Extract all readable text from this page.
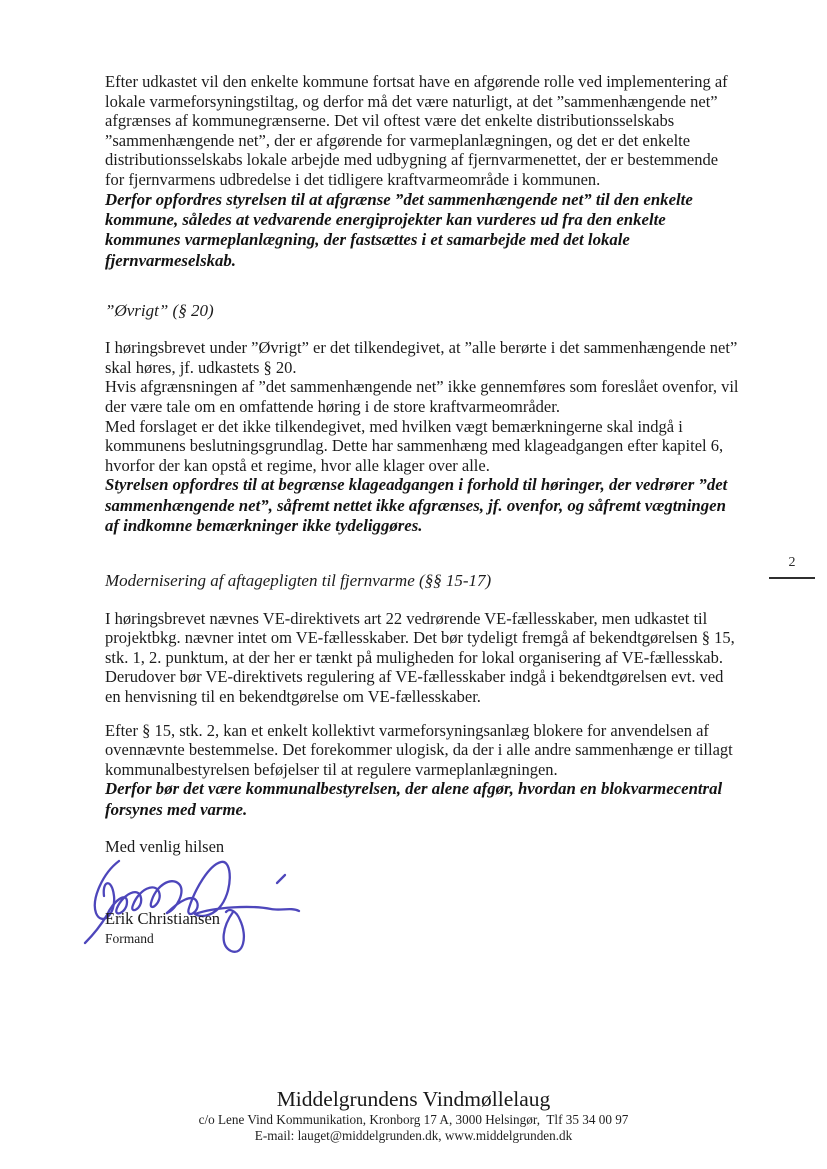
Efter udkastet vil den enkelte kommune fortsat have en afgørende rolle ved implementering af lokale varmeforsyningstiltag, og derfor må det være naturligt, at det ”sammenhængende net” afgrænses af kommunegrænserne. Det vil oftest være det enkelte distributionsselskabs ”sammenhængende net”, der er afgørende for varmeplanlægningen, og det er det enkelte distributionsselskabs lokale arbejde med udbygning af fjernvarmenettet, der er bestemmende for fjernvarmens udbredelse i det tidligere kraftvarmeområde i kommunen.

Derfor opfordres styrelsen til at afgrænse ”det sammenhængende net” til den enkelte kommune, således at vedvarende energiprojekter kan vurderes ud fra den enkelte kommunes varmeplanlægning, der fastsættes i et samarbejde med det lokale fjernvarmeselskab.

”Øvrigt” (§ 20)

I høringsbrevet under ”Øvrigt” er det tilkendegivet, at ”alle berørte i det sammenhængende net” skal høres, jf. udkastets § 20.

Hvis afgrænsningen af ”det sammenhængende net” ikke gennemføres som foreslået ovenfor, vil der være tale om en omfattende høring i de store kraftvarmeområder.

Med forslaget er det ikke tilkendegivet, med hvilken vægt bemærkningerne skal indgå i kommunens beslutningsgrundlag. Dette har sammenhæng med klageadgangen efter kapitel 6, hvorfor der kan opstå et regime, hvor alle klager over alle.

Styrelsen opfordres til at begrænse klageadgangen i forhold til høringer, der vedrører ”det sammenhængende net”, såfremt nettet ikke afgrænses, jf. ovenfor, og såfremt vægtningen af indkomne bemærkninger ikke tydeliggøres.

Modernisering af aftagepligten til fjernvarme (§§ 15-17)

I høringsbrevet nævnes VE-direktivets art 22 vedrørende VE-fællesskaber, men udkastet til projektbkg. nævner intet om VE-fællesskaber. Det bør tydeligt fremgå af bekendtgørelsen § 15, stk. 1, 2. punktum, at der her er tænkt på muligheden for lokal organisering af VE-fællesskab. Derudover bør VE-direktivets regulering af VE-fællesskaber indgå i bekendtgørelsen evt. ved en henvisning til en bekendtgørelse om VE-fællesskaber.

Efter § 15, stk. 2, kan et enkelt kollektivt varmeforsyningsanlæg blokere for anvendelsen af ovennævnte bestemmelse. Det forekommer ulogisk, da der i alle andre sammenhænge er tillagt kommunalbestyrelsen beføjelser til at regulere varmeplanlægningen.

Derfor bør det være kommunalbestyrelsen, der alene afgør, hvordan en blokvarmecentral forsynes med varme.

Med venlig hilsen

Erik Christiansen

Formand

2
Middelgrundens Vindmøllelaug
c/o Lene Vind Kommunikation, Kronborg 17 A, 3000 Helsingør,  Tlf 35 34 00 97
E-mail: lauget@middelgrunden.dk, www.middelgrunden.dk
